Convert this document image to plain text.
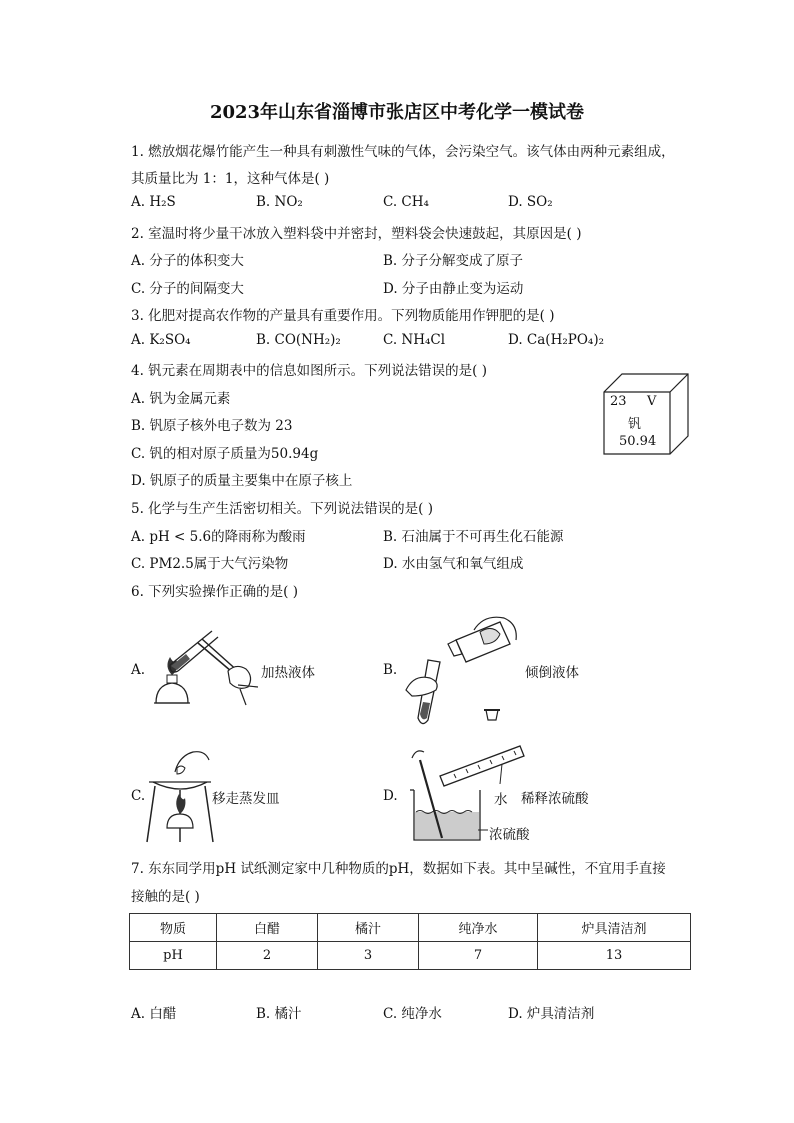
2023年山东省淄博市张店区中考化学一模试卷
1. 燃放烟花爆竹能产生一种具有刺激性气味的气体，会污染空气。该气体由两种元素组成，
其质量比为 1：1，这种气体是( )
A. H₂S	B. NO₂	C. CH₄	D. SO₂
2. 室温时将少量干冰放入塑料袋中并密封，塑料袋会快速鼓起，其原因是( )
A. 分子的体积变大	B. 分子分解变成了原子
C. 分子的间隔变大	D. 分子由静止变为运动
3. 化肥对提高农作物的产量具有重要作用。下列物质能用作钾肥的是( )
A. K₂SO₄	B. CO(NH₂)₂	C. NH₄Cl	D. Ca(H₂PO₄)₂
4. 钒元素在周期表中的信息如图所示。下列说法错误的是( )
A. 钒为金属元素
B. 钒原子核外电子数为 23
C. 钒的相对原子质量为50.94g
D. 钒原子的质量主要集中在原子核上
23 V
钒
50.94
5. 化学与生产生活密切相关。下列说法错误的是( )
A. pH < 5.6的降雨称为酸雨	B. 石油属于不可再生化石能源
C. PM2.5属于大气污染物	D. 水由氢气和氧气组成
6. 下列实验操作正确的是( )
A.	加热液体	B.	倾倒液体
C.	移走蒸发皿	D.	水 稀释浓硫酸
浓硫酸
7. 东东同学用pH 试纸测定家中几种物质的pH，数据如下表。其中呈碱性，不宜用手直接
接触的是( )
物质	白醋	橘汁	纯净水	炉具清洁剂
pH	2	3	7	13
A. 白醋	B. 橘汁	C. 纯净水	D. 炉具清洁剂
